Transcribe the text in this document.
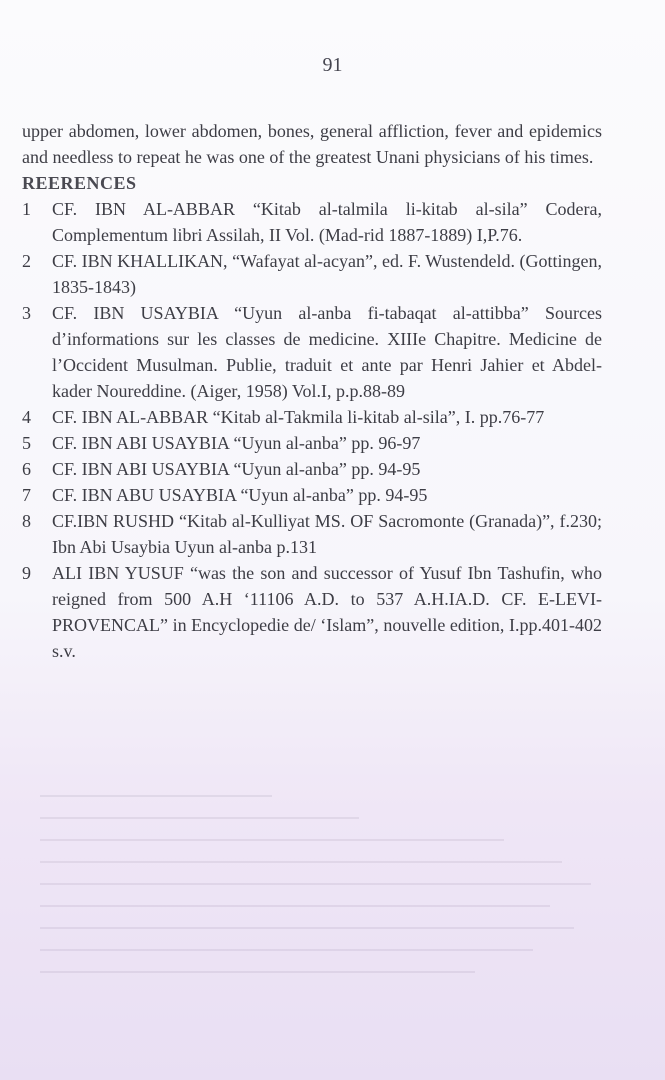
91

upper abdomen, lower abdomen, bones, general affliction, fever and epidemics and needless to repeat he was one of the greatest Unani physicians of his times.

REERENCES
1	CF. IBN AL-ABBAR “Kitab al-talmila li-kitab al-sila” Codera, Complementum libri Assilah, II Vol. (Mad-rid 1887-1889) I,P.76.
2	CF. IBN KHALLIKAN, “Wafayat al-acyan”, ed. F. Wustendeld. (Gottingen, 1835-1843)
3	CF. IBN USAYBIA “Uyun al-anba fi-tabaqat al-attibba” Sources d’informations sur les classes de medicine. XIIIe Chapitre. Medicine de l’Occident Musulman. Publie, traduit et ante par Henri Jahier et Abdel-kader Noureddine. (Aiger, 1958) Vol.I, p.p.88-89
4	CF. IBN AL-ABBAR “Kitab al-Takmila li-kitab al-sila”, I. pp.76-77
5	CF. IBN ABI USAYBIA “Uyun al-anba” pp. 96-97
6	CF. IBN ABI USAYBIA “Uyun al-anba” pp. 94-95
7	CF. IBN ABU USAYBIA “Uyun al-anba” pp. 94-95
8	CF.IBN RUSHD “Kitab al-Kulliyat MS. OF Sacromonte (Granada)”, f.230; Ibn Abi Usaybia Uyun al-anba p.131
9	ALI IBN YUSUF “was the son and successor of Yusuf Ibn Tashufin, who reigned from 500 A.H ‘11106 A.D. to 537 A.H.IA.D. CF. E-LEVI-PROVENCAL” in Encyclopedie de/ ‘Islam”, nouvelle edition, I.pp.401-402 s.v.
